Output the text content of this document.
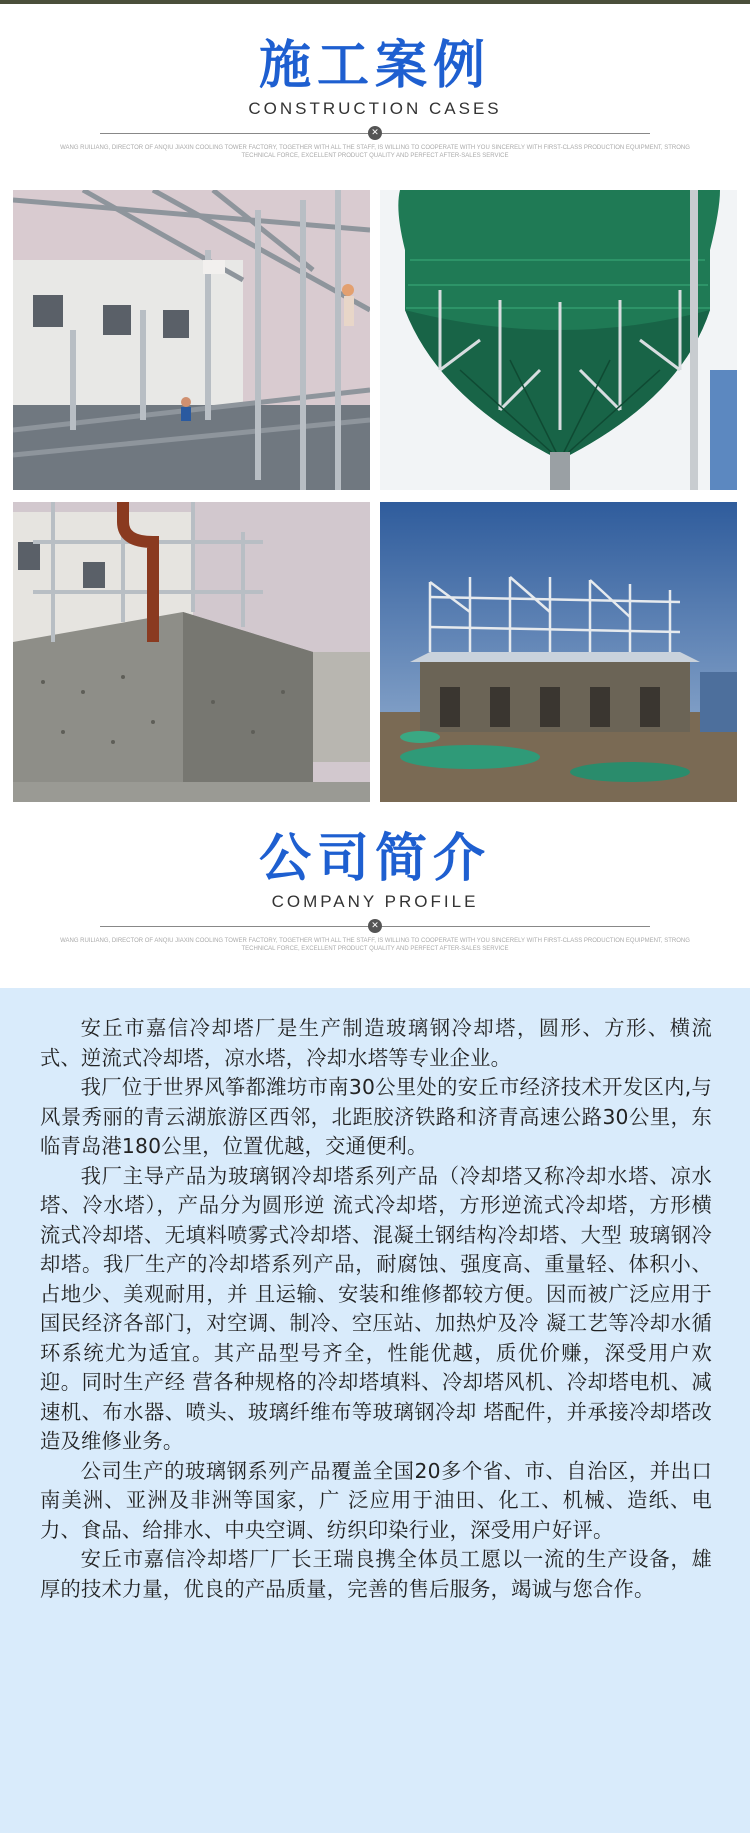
施工案例
CONSTRUCTION CASES
✕
WANG RUILIANG, DIRECTOR OF ANQIU JIAXIN COOLING TOWER FACTORY, TOGETHER WITH ALL THE STAFF, IS WILLING TO COOPERATE WITH YOU SINCERELY WITH FIRST-CLASS PRODUCTION EQUIPMENT, STRONG TECHNICAL FORCE, EXCELLENT PRODUCT QUALITY AND PERFECT AFTER-SALES SERVICE
公司简介
COMPANY PROFILE
✕
WANG RUILIANG, DIRECTOR OF ANQIU JIAXIN COOLING TOWER FACTORY, TOGETHER WITH ALL THE STAFF, IS WILLING TO COOPERATE WITH YOU SINCERELY WITH FIRST-CLASS PRODUCTION EQUIPMENT, STRONG TECHNICAL FORCE, EXCELLENT PRODUCT QUALITY AND PERFECT AFTER-SALES SERVICE

安丘市嘉信冷却塔厂是生产制造玻璃钢冷却塔，圆形、方形、横流式、逆流式冷却塔，凉水塔，冷却水塔等专业企业。

我厂位于世界风筝都潍坊市南30公里处的安丘市经济技术开发区内,与风景秀丽的青云湖旅游区西邻，北距胶济铁路和济青高速公路30公里，东临青岛港180公里，位置优越，交通便利。

我厂主导产品为玻璃钢冷却塔系列产品（冷却塔又称冷却水塔、凉水塔、冷水塔），产品分为圆形逆 流式冷却塔，方形逆流式冷却塔，方形横流式冷却塔、无填料喷雾式冷却塔、混凝土钢结构冷却塔、大型 玻璃钢冷却塔。我厂生产的冷却塔系列产品，耐腐蚀、强度高、重量轻、体积小、占地少、美观耐用，并 且运输、安装和维修都较方便。因而被广泛应用于国民经济各部门，对空调、制冷、空压站、加热炉及冷 凝工艺等冷却水循环系统尤为适宜。其产品型号齐全，性能优越，质优价赚，深受用户欢迎。同时生产经 营各种规格的冷却塔填料、冷却塔风机、冷却塔电机、减速机、布水器、喷头、玻璃纤维布等玻璃钢冷却 塔配件，并承接冷却塔改造及维修业务。

公司生产的玻璃钢系列产品覆盖全国20多个省、市、自治区，并出口南美洲、亚洲及非洲等国家，广 泛应用于油田、化工、机械、造纸、电力、食品、给排水、中央空调、纺织印染行业，深受用户好评。

安丘市嘉信冷却塔厂厂长王瑞良携全体员工愿以一流的生产设备，雄厚的技术力量，优良的产品质量，完善的售后服务，竭诚与您合作。
